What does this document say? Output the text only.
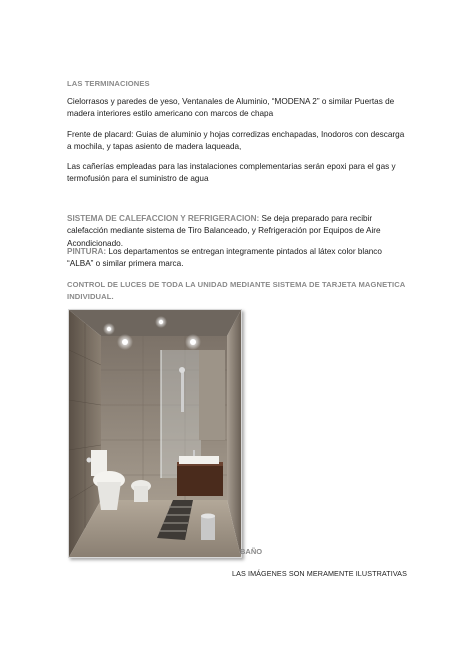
LAS TERMINACIONES
Cielorrasos y paredes de yeso, Ventanales de Aluminio, “MODENA 2” o similar Puertas de madera interiores estilo americano con marcos de chapa
Frente de placard: Guias de aluminio y hojas corredizas enchapadas, Inodoros con descarga a mochila, y tapas asiento de madera laqueada,
Las cañerías empleadas para las instalaciones complementarias serán epoxi para el gas y termofusión para el suministro de agua
SISTEMA DE CALEFACCION Y REFRIGERACION: Se deja preparado para recibir calefacción mediante sistema de Tiro Balanceado, y Refrigeración por Equipos de Aire Acondicionado.
PINTURA: Los departamentos se entregan integramente pintados al látex color blanco “ALBA” o similar primera marca.
CONTROL DE LUCES DE TODA LA UNIDAD MEDIANTE SISTEMA DE TARJETA MAGNETICA INDIVIDUAL.
BAÑO
LAS IMÁGENES SON MERAMENTE ILUSTRATIVAS
